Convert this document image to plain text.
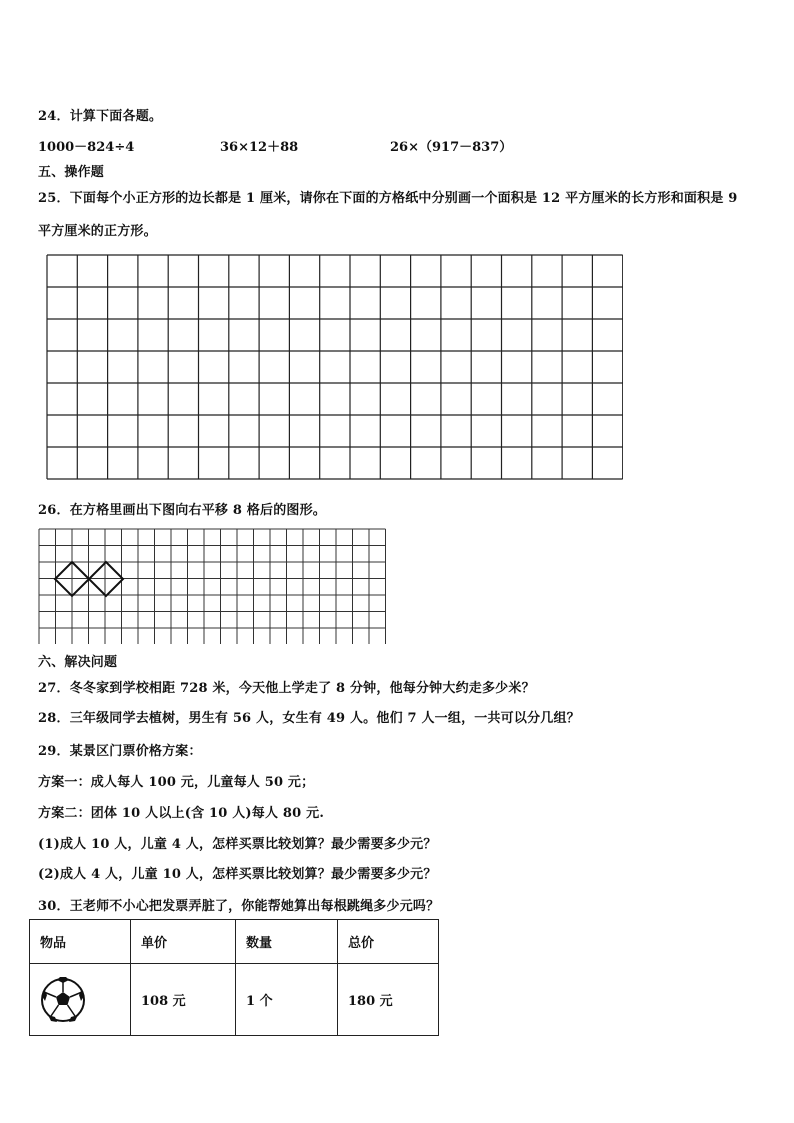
24．计算下面各题。
1000－824÷4	36×12＋88	26×（917－837）
五、操作题
25．下面每个小正方形的边长都是 1 厘米，请你在下面的方格纸中分别画一个面积是 12 平方厘米的长方形和面积是 9
平方厘米的正方形。
26．在方格里画出下图向右平移 8 格后的图形。
六、解决问题
27．冬冬家到学校相距 728 米，今天他上学走了 8 分钟，他每分钟大约走多少米？
28．三年级同学去植树，男生有 56 人，女生有 49 人。他们 7 人一组，一共可以分几组？
29．某景区门票价格方案：
方案一：成人每人 100 元，儿童每人 50 元；
方案二：团体 10 人以上(含 10 人)每人 80 元.
(1)成人 10 人，儿童 4 人，怎样买票比较划算？最少需要多少元？
(2)成人 4 人，儿童 10 人，怎样买票比较划算？最少需要多少元？
30．王老师不小心把发票弄脏了，你能帮她算出每根跳绳多少元吗？
物品	单价	数量	总价

	108 元	1 个	180 元
